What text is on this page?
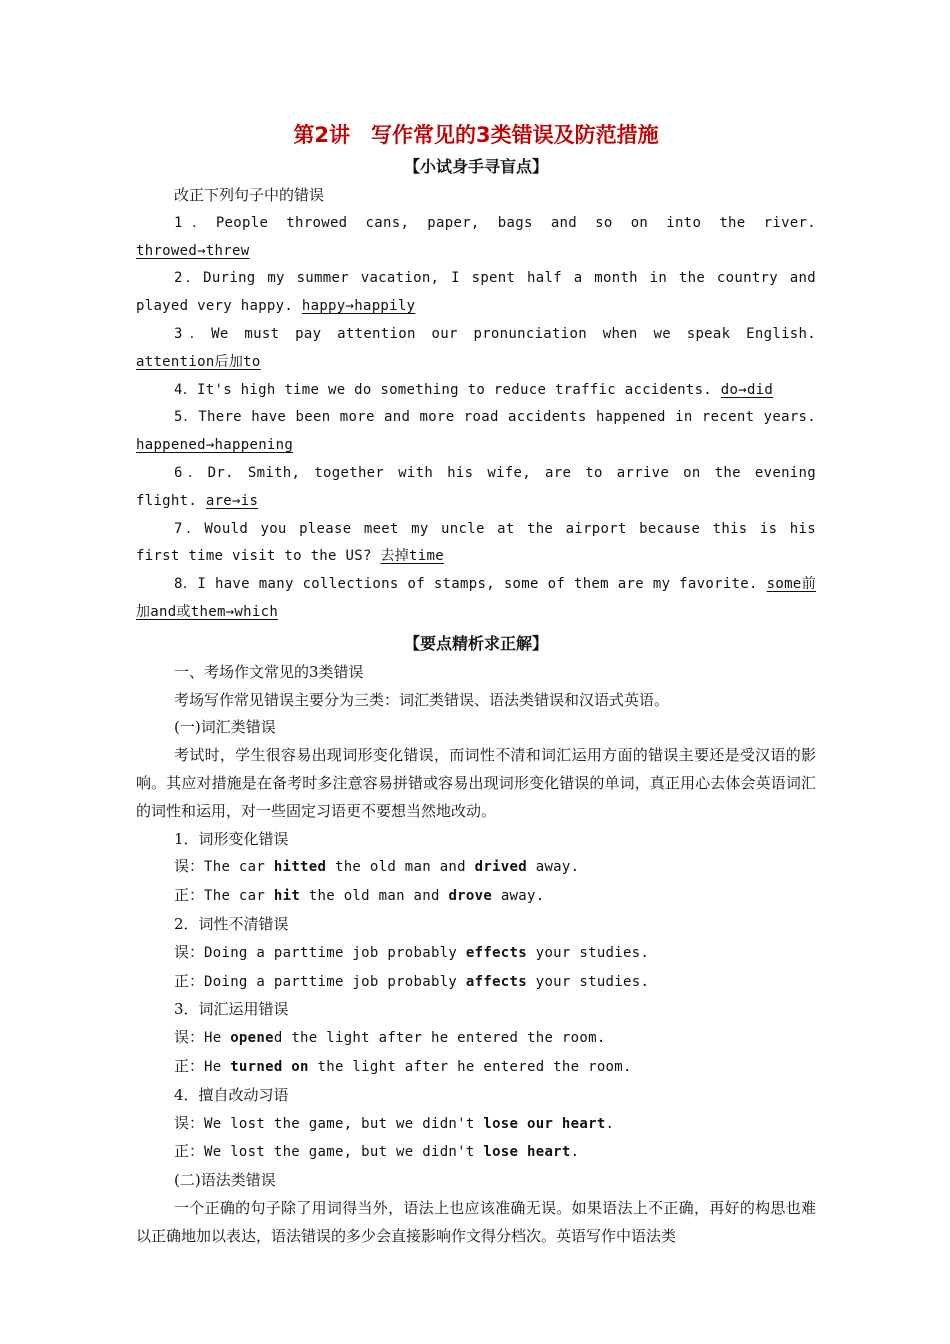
第2讲　写作常见的3类错误及防范措施
【小试身手寻盲点】

改正下列句子中的错误

1．People throwed cans, paper, bags and so on into the river. throwed→threw

2．During my summer vacation, I spent half a month in the country and played very happy. happy→happily

3．We must pay attention our pronunciation when we speak English. attention后加to

4．It's high time we do something to reduce traffic accidents. do→did

5．There have been more and more road accidents happened in recent years. happened→happening

6．Dr. Smith, together with his wife, are to arrive on the evening flight. are→is

7．Would you please meet my uncle at the airport because this is his first time visit to the US? 去掉time

8．I have many collections of stamps, some of them are my favorite. some前加and或them→which

【要点精析求正解】

一、考场作文常见的3类错误

考场写作常见错误主要分为三类：词汇类错误、语法类错误和汉语式英语。

(一)词汇类错误

考试时，学生很容易出现词形变化错误，而词性不清和词汇运用方面的错误主要还是受汉语的影响。其应对措施是在备考时多注意容易拼错或容易出现词形变化错误的单词，真正用心去体会英语词汇的词性和运用，对一些固定习语更不要想当然地改动。

1．词形变化错误

误：The car hitted the old man and drived away.

正：The car hit the old man and drove away.

2．词性不清错误

误：Doing a parttime job probably effects your studies.

正：Doing a parttime job probably affects your studies.

3．词汇运用错误

误：He opened the light after he entered the room.

正：He turned on the light after he entered the room.

4．擅自改动习语

误：We lost the game, but we didn't lose our heart.

正：We lost the game, but we didn't lose heart.

(二)语法类错误

一个正确的句子除了用词得当外，语法上也应该准确无误。如果语法上不正确，再好的构思也难以正确地加以表达，语法错误的多少会直接影响作文得分档次。英语写作中语法类
